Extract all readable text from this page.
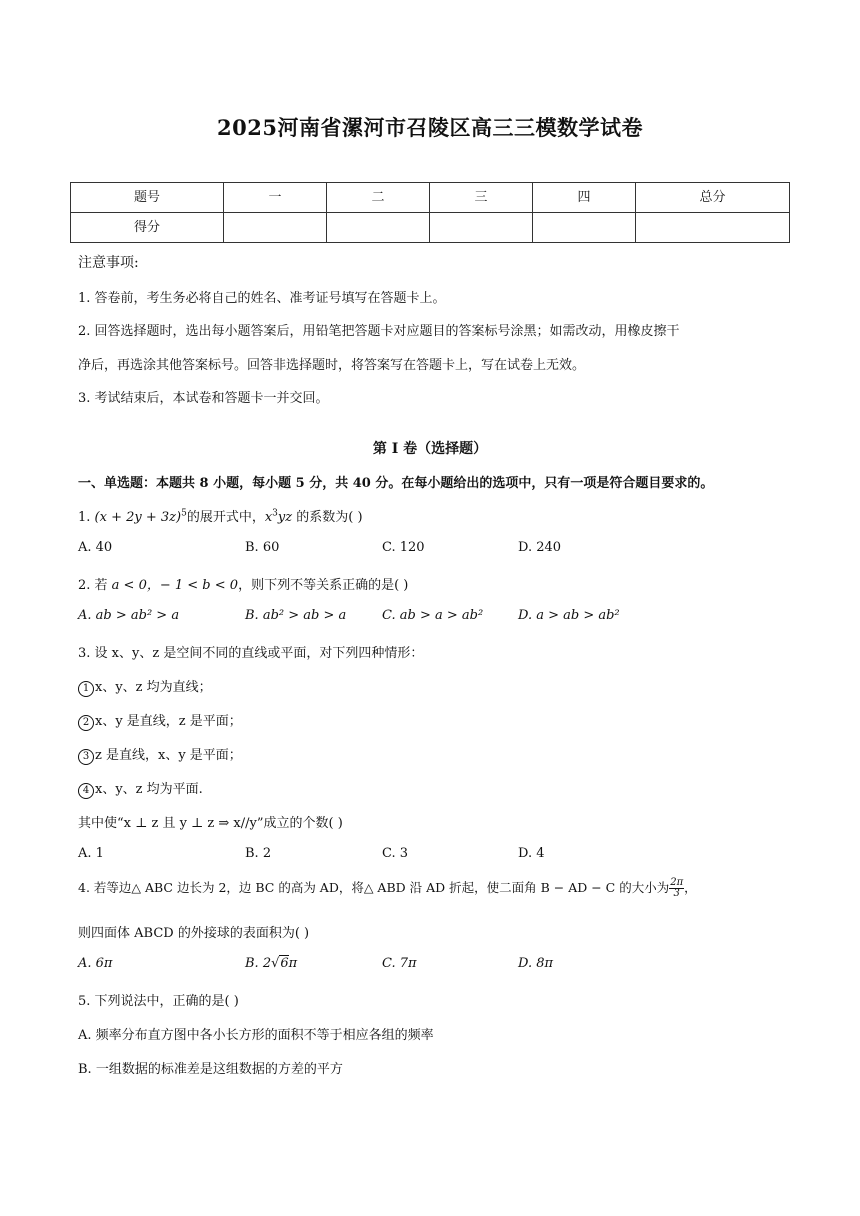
2025河南省漯河市召陵区高三三模数学试卷
题号	一	二	三	四	总分
得分					
注意事项:
1. 答卷前，考生务必将自己的姓名、准考证号填写在答题卡上。
2. 回答选择题时，选出每小题答案后，用铅笔把答题卡对应题目的答案标号涂黑；如需改动，用橡皮擦干
净后，再选涂其他答案标号。回答非选择题时，将答案写在答题卡上，写在试卷上无效。
3. 考试结束后，本试卷和答题卡一并交回。
第 I 卷（选择题）
一、单选题：本题共 8 小题，每小题 5 分，共 40 分。在每小题给出的选项中，只有一项是符合题目要求的。
1. $(x + 2y + 3z)^5$的展开式中，$x^3yz$ 的系数为( )
A. 40	B. 60	C. 120	D. 240
2. 若 a < 0，− 1 < b < 0，则下列不等关系正确的是( )
A. ab > ab² > a	B. ab² > ab > a	C. ab > a > ab²	D. a > ab > ab²
3. 设 x、y、z 是空间不同的直线或平面，对下列四种情形：
1 x、y、z 均为直线；
2 x、y 是直线，z 是平面；
3 z 是直线，x、y 是平面；
4 x、y、z 均为平面.
其中使“x ⊥ z 且 y ⊥ z ⇒ x//y”成立的个数( )
A. 1	B. 2	C. 3	D. 4
4. 若等边△ ABC 边长为 2，边 BC 的高为 AD，将△ ABD 沿 AD 折起，使二面角 B − AD − C 的大小为 $\frac{2\pi}{3}$ ，
则四面体 ABCD 的外接球的表面积为( )
A. 6π	B. 2√6π	C. 7π	D. 8π
5. 下列说法中，正确的是( )
A. 频率分布直方图中各小长方形的面积不等于相应各组的频率
B. 一组数据的标准差是这组数据的方差的平方
